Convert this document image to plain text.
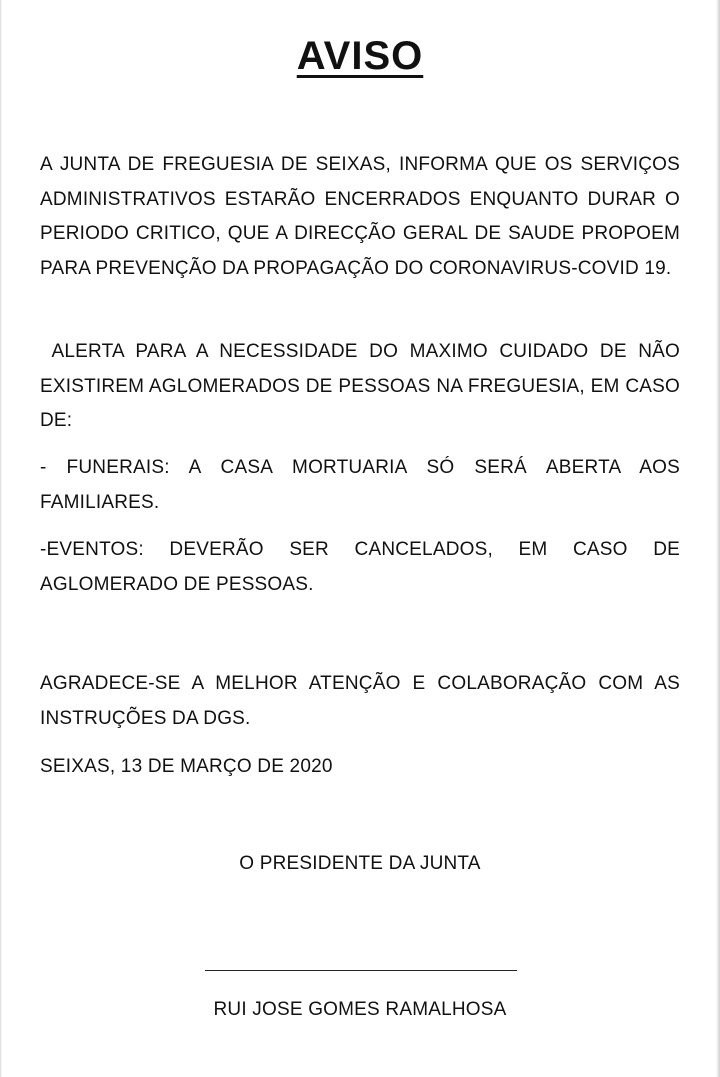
AVISO
A JUNTA DE FREGUESIA DE SEIXAS, INFORMA QUE OS SERVIÇOS ADMINISTRATIVOS ESTARÃO ENCERRADOS ENQUANTO DURAR O PERIODO CRITICO, QUE A DIRECÇÃO GERAL DE SAUDE PROPOEM PARA PREVENÇÃO DA PROPAGAÇÃO DO CORONAVIRUS-COVID 19.
ALERTA PARA A NECESSIDADE DO MAXIMO CUIDADO DE NÃO EXISTIREM AGLOMERADOS DE PESSOAS NA FREGUESIA, EM CASO DE:
- FUNERAIS: A CASA MORTUARIA SÓ SERÁ ABERTA AOS FAMILIARES.
-EVENTOS: DEVERÃO SER CANCELADOS, EM CASO DE AGLOMERADO DE PESSOAS.
AGRADECE-SE A MELHOR ATENÇÃO E COLABORAÇÃO COM AS INSTRUÇÕES DA DGS.
SEIXAS, 13 DE MARÇO DE 2020
O PRESIDENTE DA JUNTA
RUI JOSE GOMES RAMALHOSA
